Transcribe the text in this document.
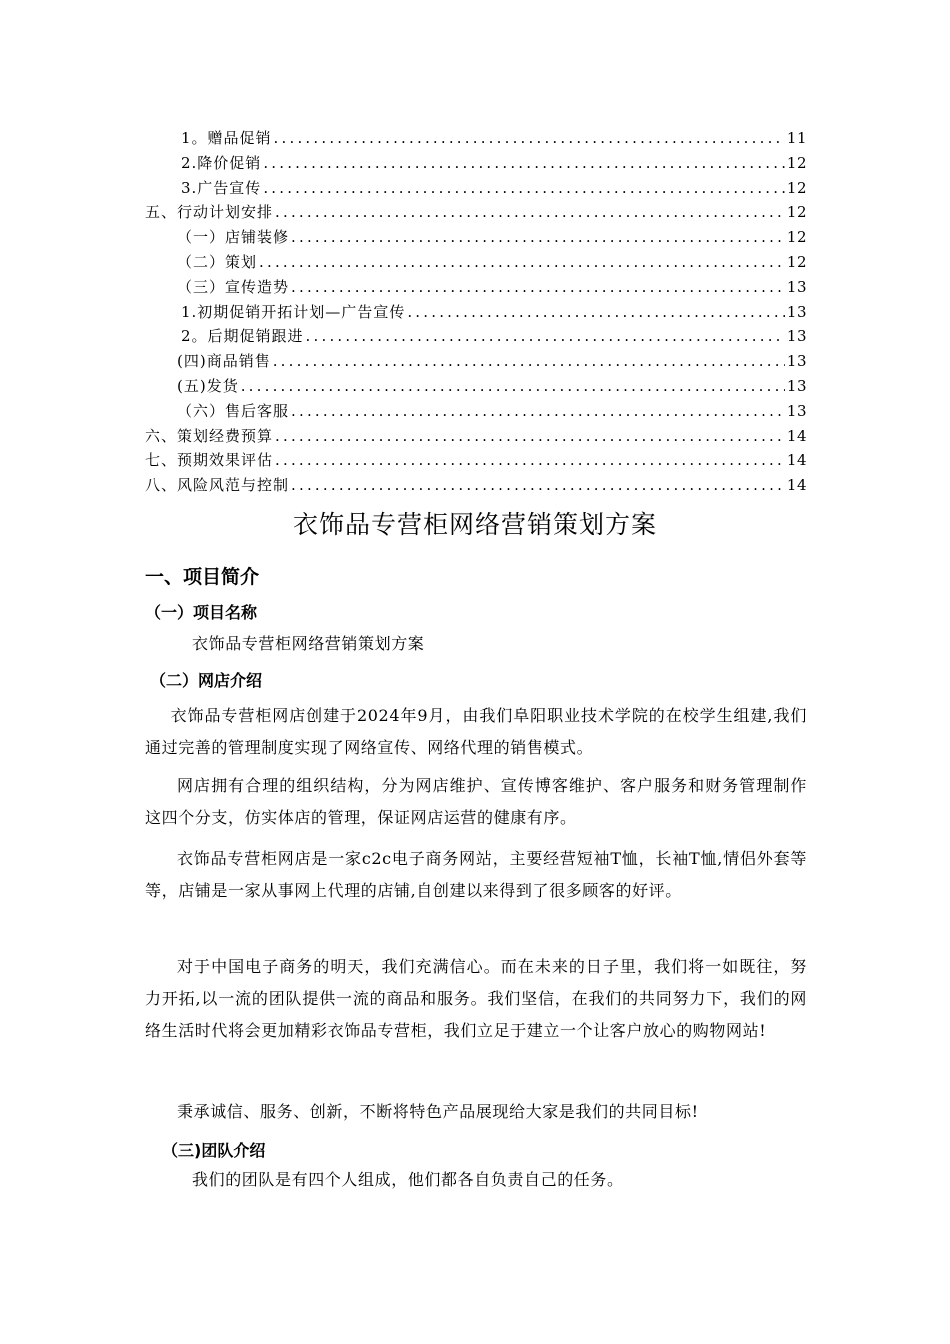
1。赠品促销 .....	11
2.降价促销 .....	12
3.广告宣传 .....	12
五、行动计划安排 .....	12
（一）店铺装修 .....	12
（二）策划 .....	12
（三）宣传造势 .....	13
1.初期促销开拓计划—广告宣传 .....	13
2。后期促销跟进 .....	13
(四)商品销售 .....	13
(五)发货 .....	13
（六）售后客服 .....	13
六、策划经费预算 .....	14
七、预期效果评估 .....	14
八、风险风范与控制 .....	14
衣饰品专营柜网络营销策划方案
一、项目简介
（一）项目名称
衣饰品专营柜网络营销策划方案
（二）网店介绍
衣饰品专营柜网店创建于2024年9月，由我们阜阳职业技术学院的在校学生组建,我们通过完善的管理制度实现了网络宣传、网络代理的销售模式。
网店拥有合理的组织结构，分为网店维护、宣传博客维护、客户服务和财务管理制作这四个分支，仿实体店的管理，保证网店运营的健康有序。
衣饰品专营柜网店是一家c2c电子商务网站，主要经营短袖T恤，长袖T恤,情侣外套等等，店铺是一家从事网上代理的店铺,自创建以来得到了很多顾客的好评。
对于中国电子商务的明天，我们充满信心。而在未来的日子里，我们将一如既往，努力开拓,以一流的团队提供一流的商品和服务。我们坚信，在我们的共同努力下，我们的网络生活时代将会更加精彩衣饰品专营柜，我们立足于建立一个让客户放心的购物网站!
秉承诚信、服务、创新，不断将特色产品展现给大家是我们的共同目标!
（三)团队介绍
我们的团队是有四个人组成，他们都各自负责自己的任务。
